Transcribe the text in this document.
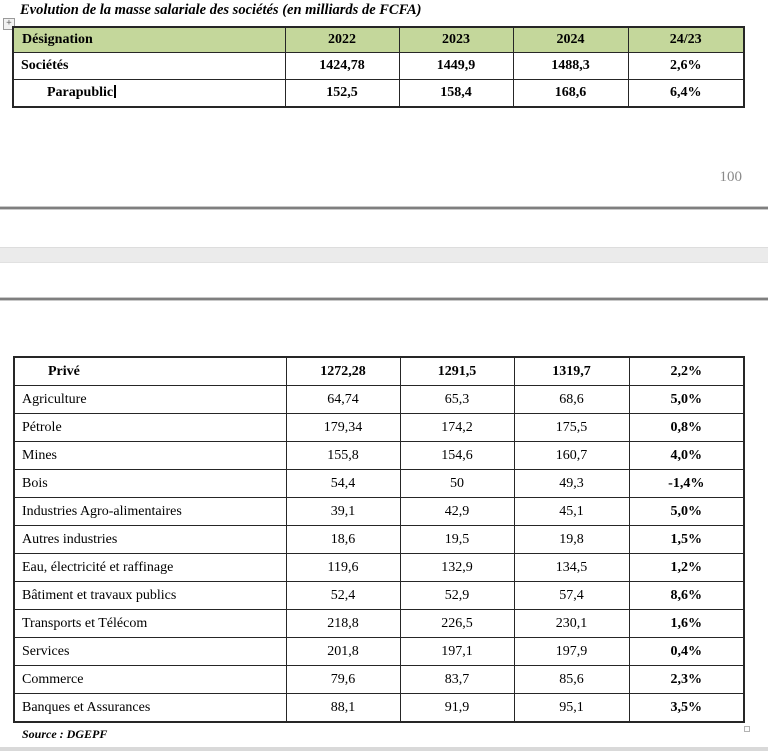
Evolution de la masse salariale des sociétés (en milliards de FCFA)
+
Désignation	2022	2023	2024	24/23
Sociétés	1424,78	1449,9	1488,3	2,6%
Parapublic	152,5	158,4	168,6	6,4%
100
Privé	1272,28	1291,5	1319,7	2,2%
Agriculture	64,74	65,3	68,6	5,0%
Pétrole	179,34	174,2	175,5	0,8%
Mines	155,8	154,6	160,7	4,0%
Bois	54,4	50	49,3	-1,4%
Industries Agro-alimentaires	39,1	42,9	45,1	5,0%
Autres industries	18,6	19,5	19,8	1,5%
Eau, électricité et raffinage	119,6	132,9	134,5	1,2%
Bâtiment et travaux publics	52,4	52,9	57,4	8,6%
Transports et Télécom	218,8	226,5	230,1	1,6%
Services	201,8	197,1	197,9	0,4%
Commerce	79,6	83,7	85,6	2,3%
Banques et Assurances	88,1	91,9	95,1	3,5%
Source : DGEPF
